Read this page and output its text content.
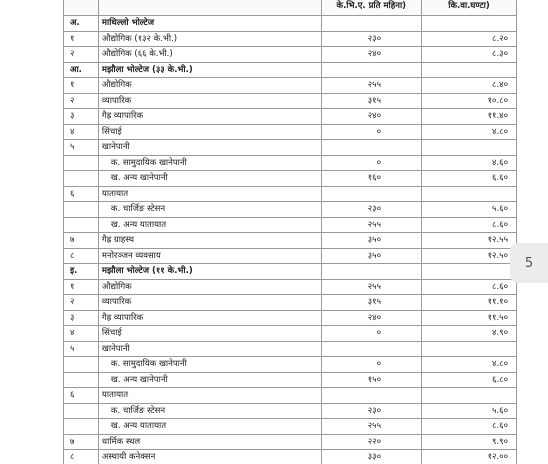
		के.भि.ए. प्रति महिना)	कि.वा.घण्टा)
अ.	माथिल्लो भोल्टेज		
१	औद्योगिक (१३२ के.भी.)	२३०	८.२०
२	औद्योगिक (६६ के.भी.)	२४०	८.३०
आ.	मझौला भोल्टेज (३३ के.भी.)		
१	औद्योगिक	२५५	८.४०
२	व्यापारिक	३१५	१०.८०
३	गैह्र व्यापारिक	२४०	११.४०
४	सिंचाई	०	४.८०
५	खानेपानी		
	क. सामुदायिक खानेपानी	०	४.६०
	ख. अन्य खानेपानी	१६०	६.६०
६	यातायात		
	क. चार्जिङ स्टेसन	२३०	५.६०
	ख. अन्य यातायात	२५५	८.६०
७	गैह्र ग्राहस्थ	३५०	१२.५५
८	मनोरञ्जन व्यवसाय	३५०	१२.५०
इ.	मझौला भोल्टेज (११ के.भी.)		
१	औद्योगिक	२५५	८.६०
२	व्यापारिक	३१५	११.१०
३	गैह्र व्यापारिक	२४०	११.५०
४	सिंचाई	०	४.९०
५	खानेपानी		
	क. सामुदायिक खानेपानी	०	४.८०
	ख. अन्य खानेपानी	१५०	६.८०
६	यातायात		
	क. चार्जिङ स्टेसन	२३०	५.६०
	ख. अन्य यातायात	२५५	८.६०
७	धार्मिक स्थल	२२०	९.९०
८	अस्थायी कनेक्सन	३३०	१२.००
5
